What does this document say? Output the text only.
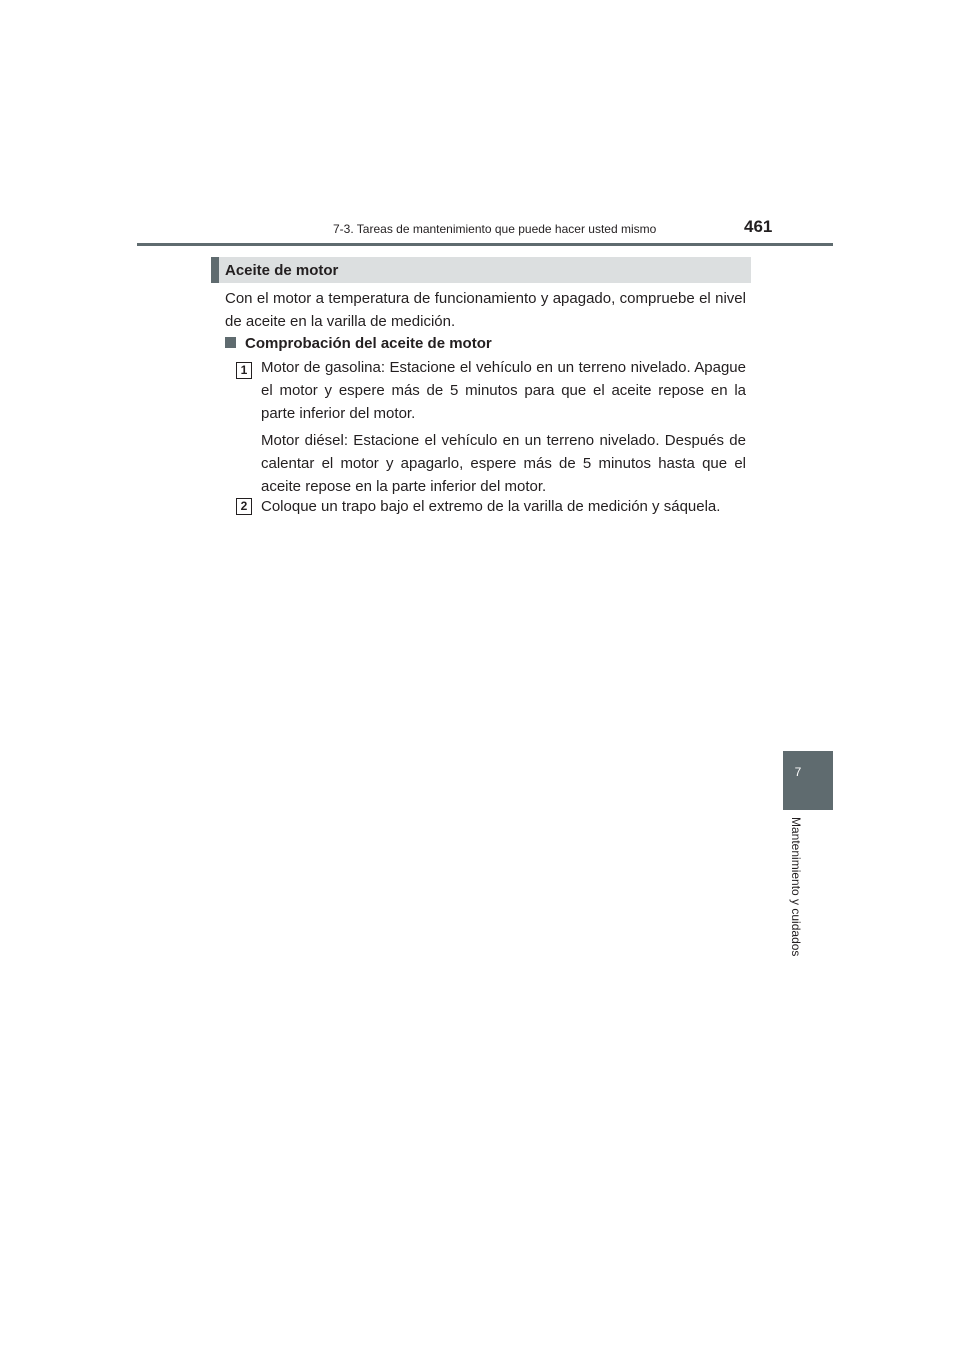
7-3. Tareas de mantenimiento que puede hacer usted mismo	461
Aceite de motor
Con el motor a temperatura de funcionamiento y apagado, compruebe el nivel de aceite en la varilla de medición.
Comprobación del aceite de motor
1 Motor de gasolina: Estacione el vehículo en un terreno nivelado. Apague el motor y espere más de 5 minutos para que el aceite repose en la parte inferior del motor.
Motor diésel: Estacione el vehículo en un terreno nivelado. Después de calentar el motor y apagarlo, espere más de 5 minutos hasta que el aceite repose en la parte inferior del motor.
2 Coloque un trapo bajo el extremo de la varilla de medición y sáquela.
7
Mantenimiento y cuidados
